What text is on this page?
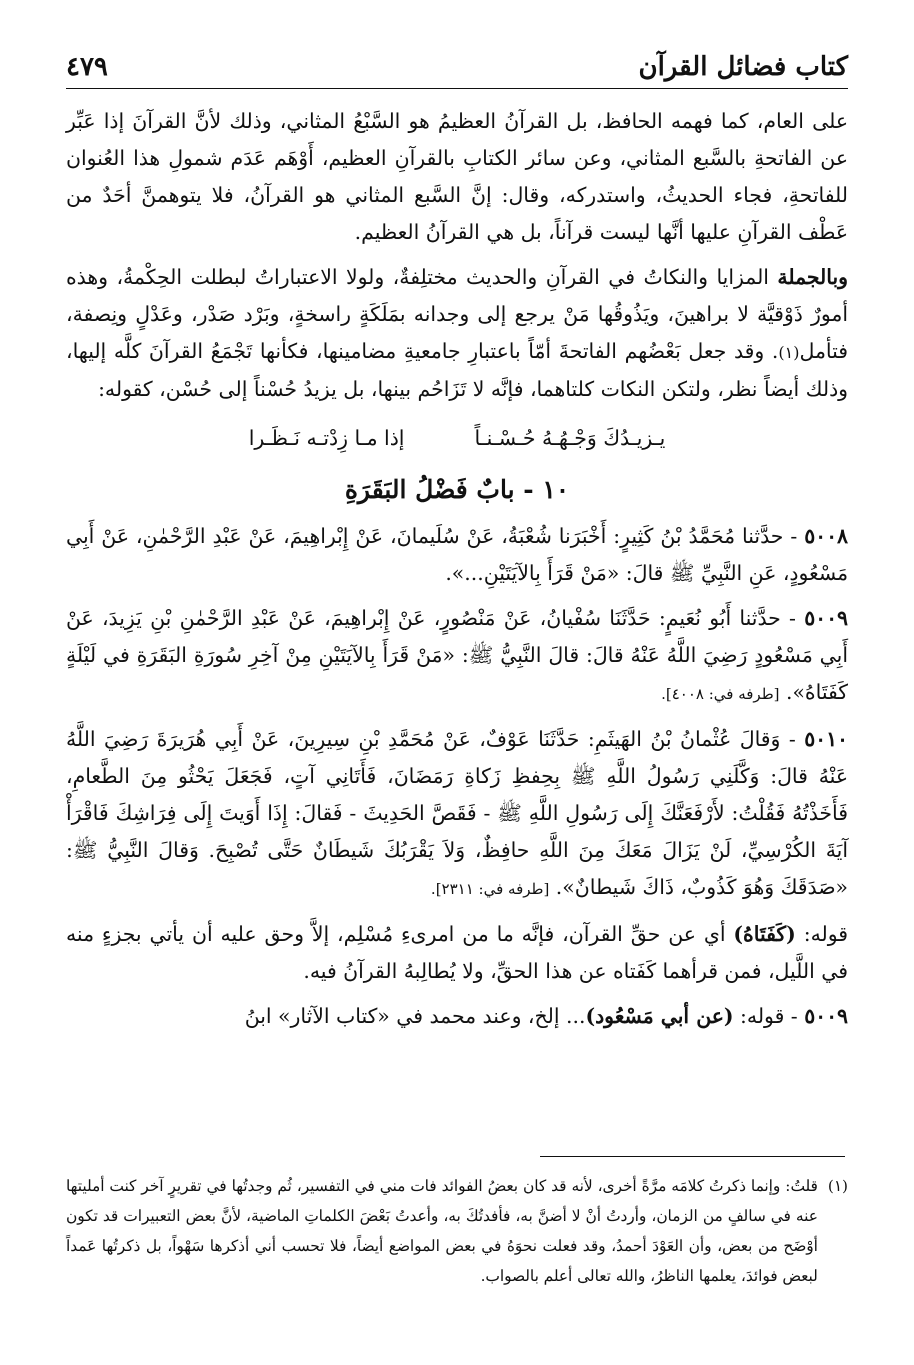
كتاب فضائل القرآن
٤٧٩

على العام، كما فهمه الحافظ، بل القرآنُ العظيمُ هو السَّبْعُ المثاني، وذلك لأنَّ القرآنَ إذا عَبِّر عن الفاتحةِ بالسَّبع المثاني، وعن سائر الكتابِ بالقرآنِ العظيم، أَوْهَم عَدَم شمولِ هذا العُنوان للفاتحةِ، فجاء الحديثُ، واستدركه، وقال: إنَّ السَّبع المثاني هو القرآنُ، فلا يتوهمنَّ أحَدٌ من عَطْف القرآنِ عليها أنَّها ليست قرآناً، بل هي القرآنُ العظيم.

وبالجملة المزايا والنكاتُ في القرآنِ والحديث مختلِفةٌ، ولولا الاعتباراتُ لبطلت الحِكْمةُ، وهذه أمورٌ ذَوْقيَّة لا براهينَ، ويَذُوقُها مَنْ يرجع إلى وجدانه بمَلَكَةٍ راسخةٍ، وبَرْد صَدْر، وعَدْلٍ ونِصفة، فتأمل(١). وقد جعل بَعْضُهم الفاتحةَ أمّاً باعتبارِ جامعيةِ مضامينها، فكأنها تَجْمَعُ القرآنَ كلَّه إليها، وذلك أيضاً نظر، ولتكن النكات كلتاهما، فإنَّه لا تَزَاحُم بينها، بل يزيدُ حُسْناً إلى حُسْن، كقوله:

يـزيـدُكَ وَجْـهُـهُ حُـسْـنـاً
إذا مـا زِدْتـه نَـظَـرا
١٠ - بابٌ فَضْلُ البَقَرَةِ

٥٠٠٨ - حدَّثنا مُحَمَّدُ بْنُ كَثِيرٍ: أَخْبَرَنا شُعْبَةُ، عَنْ سُلَيمانَ، عَنْ إِبْراهِيمَ، عَنْ عَبْدِ الرَّحْمٰنِ، عَنْ أَبِي مَسْعُودٍ، عَنِ النَّبِيِّ ﷺ قالَ: «مَنْ قَرَأَ بِالآيَتَيْنِ...».

٥٠٠٩ - حدَّثنا أَبُو نُعَيمٍ: حَدَّثَنَا سُفْيانُ، عَنْ مَنْصُورٍ، عَنْ إِبْراهِيمَ، عَنْ عَبْدِ الرَّحْمٰنِ بْنِ يَزِيدَ، عَنْ أَبِي مَسْعُودٍ رَضِيَ اللَّهُ عَنْهُ قالَ: قالَ النَّبِيُّ ﷺ: «مَنْ قَرَأَ بِالآيَتَيْنِ مِنْ آخِرِ سُورَةِ البَقَرَةِ في لَيْلَةٍ كَفَتَاهُ». [طرفه في: ٤٠٠٨].

٥٠١٠ - وَقالَ عُثْمانُ بْنُ الهَيثَمِ: حَدَّثَنَا عَوْفٌ، عَنْ مُحَمَّدِ بْنِ سِيرِينَ، عَنْ أَبِي هُرَيرَةَ رَضِيَ اللَّهُ عَنْهُ قالَ: وَكَّلَنِي رَسُولُ اللَّهِ ﷺ بِحِفظِ زَكاةِ رَمَضَانَ، فَأَتَانِي آتٍ، فَجَعَلَ يَحْثُو مِنَ الطَّعامِ، فَأَخَذْتُهُ فَقُلْتُ: لأَرْفَعَنَّكَ إِلَى رَسُولِ اللَّهِ ﷺ - فَقَصَّ الحَدِيثَ - فَقالَ: إِذَا أَوَيتَ إِلَى فِرَاشِكَ فَاقْرَأْ آيَةَ الكُرْسِيِّ، لَنْ يَزَالَ مَعَكَ مِنَ اللَّهِ حافِظٌ، وَلاَ يَقْرَبُكَ شَيطَانٌ حَتَّى تُصْبِحَ. وَقالَ النَّبِيُّ ﷺ: «صَدَقَكَ وَهُوَ كَذُوبٌ، ذَاكَ شَيطانٌ». [طرفه في: ٢٣١١].

قوله: (كَفَتَاهُ) أي عن حقِّ القرآن، فإنَّه ما من امرىءِ مُسْلِم، إلاَّ وحق عليه أن يأتي بجزءٍ منه في اللَّيل، فمن قرأهما كَفَتاه عن هذا الحقِّ، ولا يُطالِبهُ القرآنُ فيه.

٥٠٠٩ - قوله: (عن أبي مَسْعُود)... إلخ، وعند محمد في «كتاب الآثار» ابنُ

(١)
قلتُ: وإنما ذكرتُ كلامَه مرَّةً أخرى، لأنه قد كان بعضُ الفوائد فات مني في التفسير، ثُم وجدتُها في تقريرٍ آخر كنت أمليتها عنه في سالفٍ من الزمان، وأردتُ أنْ لا أضنَّ به، فأفدتُكَ به، وأعدتُ بَعْضَ الكلماتِ الماضية، لأنَّ بعض التعبيرات قد تكون أوْضَح من بعض، وأن العَوْدَ أحمدُ، وقد فعلت نحوَهُ في بعض المواضع أيضاً، فلا تحسب أني أذكرها سَهْواً، بل ذكرتُها عَمداً لبعض فوائدَ، يعلمها الناظرُ، والله تعالى أعلم بالصواب.
